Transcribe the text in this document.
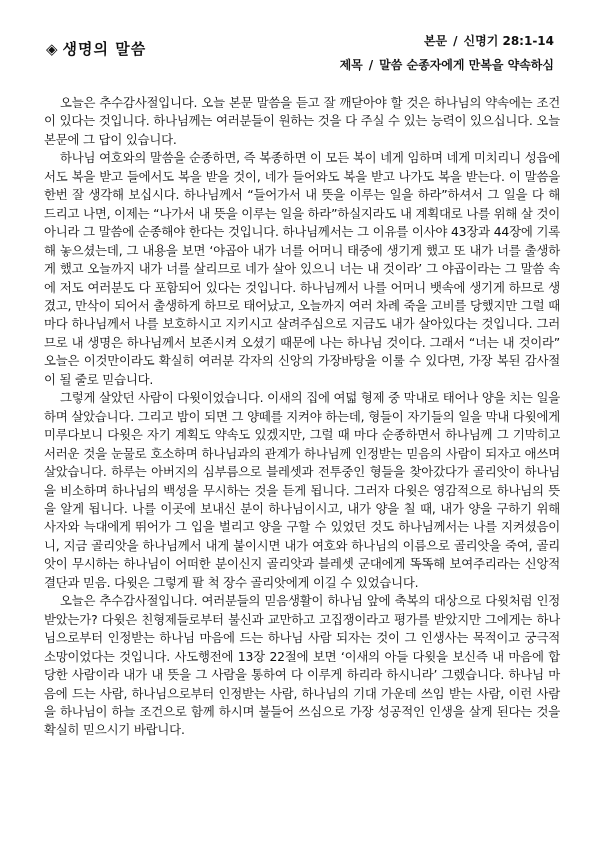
◈ 생명의 말씀	본문 / 신명기 28:1-14
제목 / 말씀 순종자에게 만복을 약속하심

오늘은 추수감사절입니다. 오늘 본문 말씀을 듣고 잘 깨닫아야 할 것은 하나님의 약속에는 조건이 있다는 것입니다. 하나님께는 여러분들이 원하는 것을 다 주실 수 있는 능력이 있으십니다. 오늘 본문에 그 답이 있습니다.

하나님 여호와의 말씀을 순종하면, 즉 복종하면 이 모든 복이 네게 임하며 네게 미치리니 성읍에서도 복을 받고 들에서도 복을 받을 것이, 네가 들어와도 복을 받고 나가도 복을 받는다. 이 말씀을 한번 잘 생각해 보십시다. 하나님께서 “들어가서 내 뜻을 이루는 일을 하라”하셔서 그 일을 다 해 드리고 나면, 이제는 “나가서 내 뜻을 이루는 일을 하라”하실지라도 내 계획대로 나를 위해 살 것이 아니라 그 말씀에 순종해야 한다는 것입니다. 하나님께서는 그 이유를 이사야 43장과 44장에 기록해 놓으셨는데, 그 내용을 보면 ‘야곱아 내가 너를 어머니 태중에 생기게 했고 또 내가 너를 출생하게 했고 오늘까지 내가 너를 살리므로 네가 살아 있으니 너는 내 것이라’ 그 야곱이라는 그 말씀 속에 저도 여러분도 다 포함되어 있다는 것입니다. 하나님께서 나를 어머니 뱃속에 생기게 하므로 생겼고, 만삭이 되어서 출생하게 하므로 태어났고, 오늘까지 여러 차례 죽을 고비를 당했지만 그럴 때마다 하나님께서 나를 보호하시고 지키시고 살려주심으로 지금도 내가 살아있다는 것입니다. 그러므로 내 생명은 하나님께서 보존시켜 오셨기 때문에 나는 하나님 것이다. 그래서 “너는 내 것이라” 오늘은 이것만이라도 확실히 여러분 각자의 신앙의 가장바탕을 이룰 수 있다면, 가장 복된 감사절이 될 줄로 믿습니다.

그렇게 살았던 사람이 다윗이었습니다. 이새의 집에 여덟 형제 중 막내로 태어나 양을 치는 일을 하며 살았습니다. 그리고 밤이 되면 그 양떼를 지켜야 하는데, 형들이 자기들의 일을 막내 다윗에게 미루다보니 다윗은 자기 계획도 약속도 있겠지만, 그럴 때 마다 순종하면서 하나님께 그 기막히고 서러운 것을 눈물로 호소하며 하나님과의 관계가 하나님께 인정받는 믿음의 사람이 되자고 애쓰며 살았습니다. 하루는 아버지의 심부름으로 블레셋과 전투중인 형들을 찾아갔다가 골리앗이 하나님을 비소하며 하나님의 백성을 무시하는 것을 듣게 됩니다. 그러자 다윗은 영감적으로 하나님의 뜻을 알게 됩니다. 나를 이곳에 보내신 분이 하나님이시고, 내가 양을 칠 때, 내가 양을 구하기 위해 사자와 늑대에게 뛰어가 그 입을 벌리고 양을 구할 수 있었던 것도 하나님께서는 나를 지켜셨음이니, 지금 골리앗을 하나님께서 내게 붙이시면 내가 여호와 하나님의 이름으로 골리앗을 죽여, 골리앗이 무시하는 하나님이 어떠한 분이신지 골리앗과 블레셋 군대에게 똑똑해 보여주리라는 신앙적 결단과 믿음. 다윗은 그렇게 팔 척 장수 골리앗에게 이길 수 있었습니다.

오늘은 추수감사절입니다. 여러분들의 믿음생활이 하나님 앞에 축복의 대상으로 다윗처럼 인정받았는가? 다윗은 친형제들로부터 불신과 교만하고 고집쟁이라고 평가를 받았지만 그에게는 하나님으로부터 인정받는 하나님 마음에 드는 하나님 사람 되자는 것이 그 인생사는 목적이고 궁극적 소망이었다는 것입니다. 사도행전에 13장 22절에 보면 ‘이새의 아들 다윗을 보신즉 내 마음에 합당한 사람이라 내가 내 뜻을 그 사람을 통하여 다 이루게 하리라 하시니라’ 그렜습니다. 하나님 마음에 드는 사람, 하나님으로부터 인정받는 사람, 하나님의 기대 가운데 쓰임 받는 사람, 이런 사람을 하나님이 하늘 조건으로 함께 하시며 불들어 쓰심으로 가장 성공적인 인생을 살게 된다는 것을 확실히 믿으시기 바랍니다.
